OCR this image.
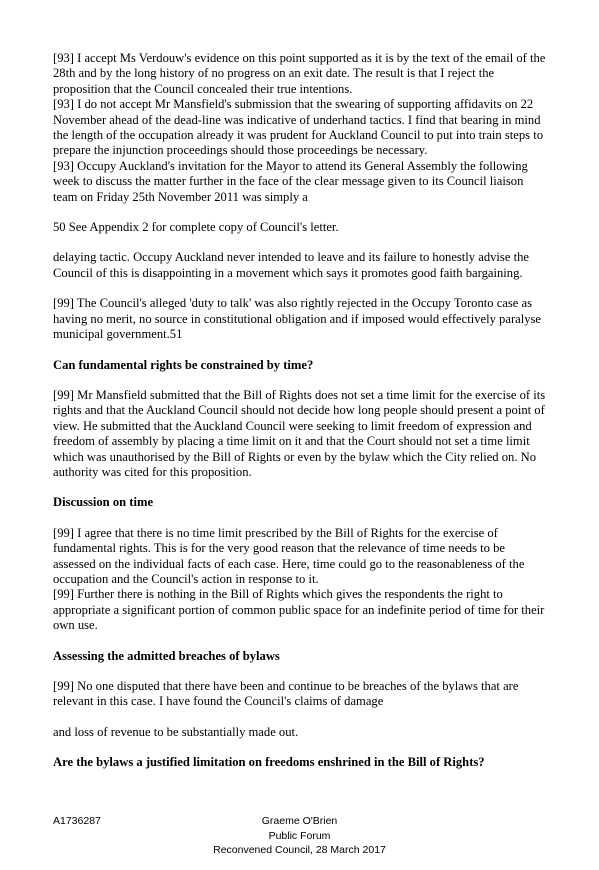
[93] I accept Ms Verdouw's evidence on this point supported as it is by the text of the email of the 28th and by the long history of no progress on an exit date. The result is that I reject the proposition that the Council concealed their true intentions.

[93] I do not accept Mr Mansfield's submission that the swearing of supporting affidavits on 22 November ahead of the dead-line was indicative of underhand tactics. I find that bearing in mind the length of the occupation already it was prudent for Auckland Council to put into train steps to prepare the injunction proceedings should those proceedings be necessary.

[93] Occupy Auckland's invitation for the Mayor to attend its General Assembly the following week to discuss the matter further in the face of the clear message given to its Council liaison team on Friday 25th November 2011 was simply a

50 See Appendix 2 for complete copy of Council's letter.

delaying tactic. Occupy Auckland never intended to leave and its failure to honestly advise the Council of this is disappointing in a movement which says it promotes good faith bargaining.

[99] The Council's alleged 'duty to talk' was also rightly rejected in the Occupy Toronto case as having no merit, no source in constitutional obligation and if imposed would effectively paralyse municipal government.51

Can fundamental rights be constrained by time?

[99] Mr Mansfield submitted that the Bill of Rights does not set a time limit for the exercise of its rights and that the Auckland Council should not decide how long people should present a point of view. He submitted that the Auckland Council were seeking to limit freedom of expression and freedom of assembly by placing a time limit on it and that the Court should not set a time limit which was unauthorised by the Bill of Rights or even by the bylaw which the City relied on. No authority was cited for this proposition.

Discussion on time

[99] I agree that there is no time limit prescribed by the Bill of Rights for the exercise of fundamental rights. This is for the very good reason that the relevance of time needs to be assessed on the individual facts of each case. Here, time could go to the reasonableness of the occupation and the Council's action in response to it.

[99] Further there is nothing in the Bill of Rights which gives the respondents the right to appropriate a significant portion of common public space for an indefinite period of time for their own use.

Assessing the admitted breaches of bylaws

[99] No one disputed that there have been and continue to be breaches of the bylaws that are relevant in this case. I have found the Council's claims of damage

and loss of revenue to be substantially made out.

Are the bylaws a justified limitation on freedoms enshrined in the Bill of Rights?

A1736287	Graeme O'Brien
Public Forum
Reconvened Council, 28 March 2017
